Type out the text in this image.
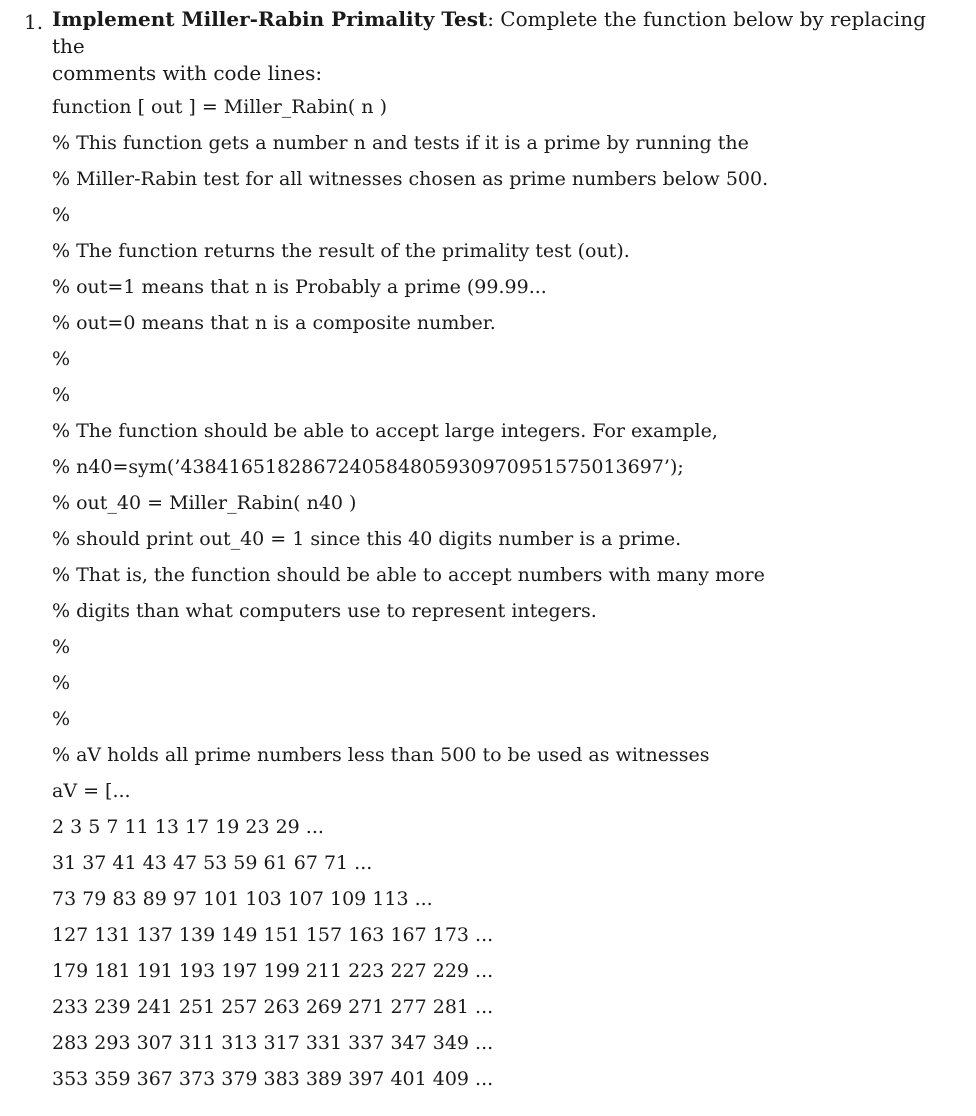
1. Implement Miller-Rabin Primality Test: Complete the function below by replacing the
comments with code lines:
function [ out ] = Miller_Rabin( n )
% This function gets a number n and tests if it is a prime by running the
% Miller-Rabin test for all witnesses chosen as prime numbers below 500.
%
% The function returns the result of the primality test (out).
% out=1 means that n is Probably a prime (99.99...
% out=0 means that n is a composite number.
%
%
% The function should be able to accept large integers. For example,
% n40=sym(’4384165182867240584805930970951575013697’);
% out_40 = Miller_Rabin( n40 )
% should print out_40 = 1 since this 40 digits number is a prime.
% That is, the function should be able to accept numbers with many more
% digits than what computers use to represent integers.
%
%
%
% aV holds all prime numbers less than 500 to be used as witnesses
aV = [...
2 3 5 7 11 13 17 19 23 29 ...
31 37 41 43 47 53 59 61 67 71 ...
73 79 83 89 97 101 103 107 109 113 ...
127 131 137 139 149 151 157 163 167 173 ...
179 181 191 193 197 199 211 223 227 229 ...
233 239 241 251 257 263 269 271 277 281 ...
283 293 307 311 313 317 331 337 347 349 ...
353 359 367 373 379 383 389 397 401 409 ...
